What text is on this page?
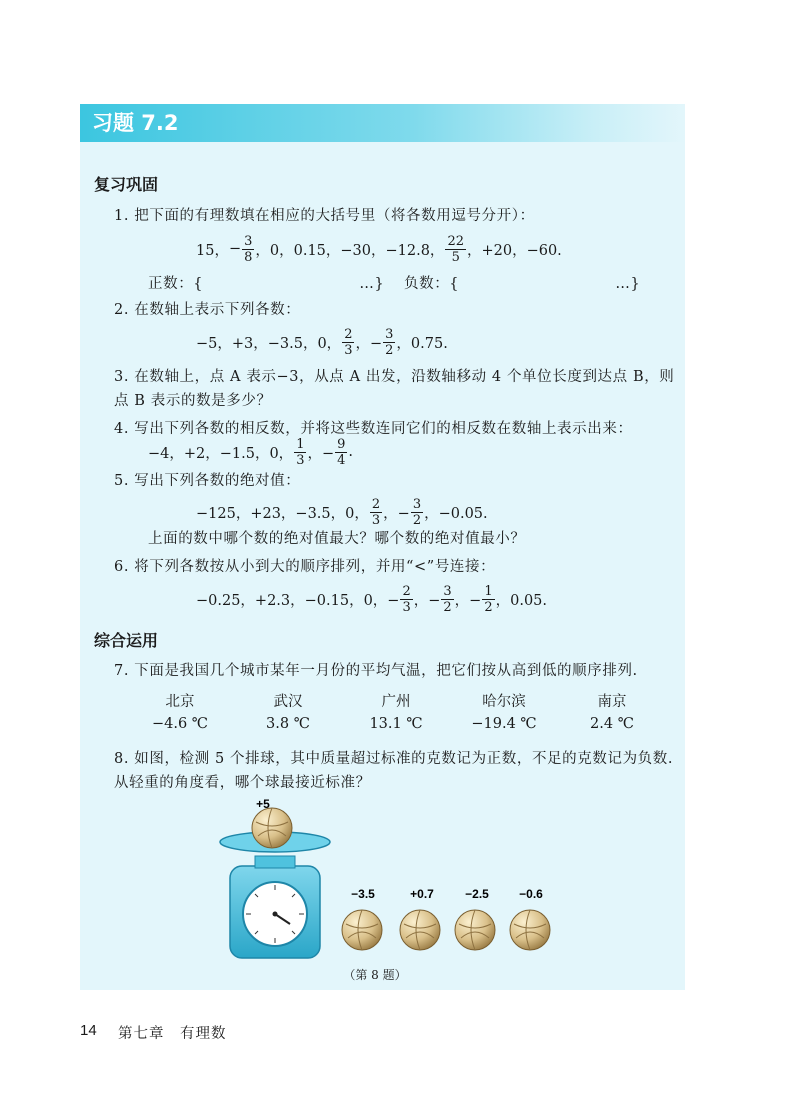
习题 7.2
复习巩固
1. 把下面的有理数填在相应的大括号里（将各数用逗号分开）：
15， − $\frac{3}{8}$ ，0，0.15，−30，−12.8， $\frac{22}{5}$ ，+20，−60.
正数：{                              …} 负数：{                              …}
2. 在数轴上表示下列各数：
−5，+3，−3.5，0， $\frac{2}{3}$ ，− $\frac{3}{2}$ ，0.75.
3. 在数轴上，点 A 表示−3，从点 A 出发，沿数轴移动 4 个单位长度到达点 B，则
点 B 表示的数是多少？
4. 写出下列各数的相反数，并将这些数连同它们的相反数在数轴上表示出来：
−4，+2，−1.5，0， $\frac{1}{3}$ ，− $\frac{9}{4}$ .
5. 写出下列各数的绝对值：
−125，+23，−3.5，0， $\frac{2}{3}$ ，− $\frac{3}{2}$ ，−0.05.
上面的数中哪个数的绝对值最大？哪个数的绝对值最小？
6. 将下列各数按从小到大的顺序排列，并用“<”号连接：
−0.25，+2.3，−0.15，0，− $\frac{2}{3}$ ，− $\frac{3}{2}$ ，− $\frac{1}{2}$ ，0.05.
综合运用
7. 下面是我国几个城市某年一月份的平均气温，把它们按从高到低的顺序排列.
北京	武汉	广州	哈尔滨	南京
−4.6 ℃	3.8 ℃	13.1 ℃	−19.4 ℃	2.4 ℃
8. 如图，检测 5 个排球，其中质量超过标准的克数记为正数，不足的克数记为负数.
从轻重的角度看，哪个球最接近标准？
+5
−3.5	+0.7	−2.5	−0.6
（第 8 题）
14 第七章　有理数
